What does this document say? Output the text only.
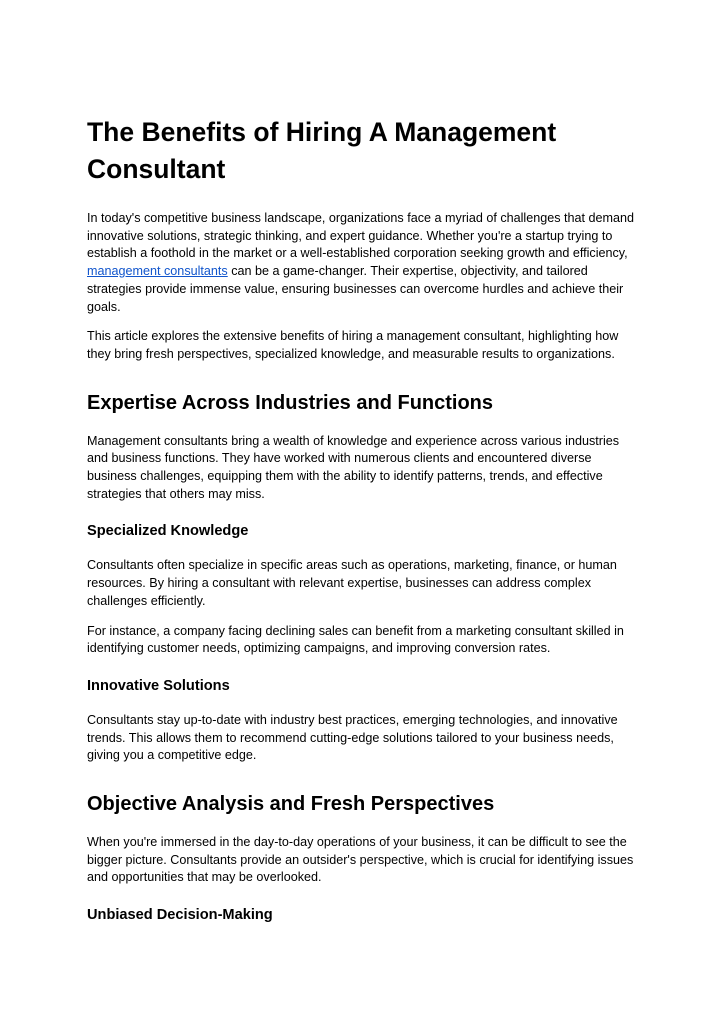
The Benefits of Hiring A Management Consultant

In today's competitive business landscape, organizations face a myriad of challenges that demand innovative solutions, strategic thinking, and expert guidance. Whether you're a startup trying to establish a foothold in the market or a well-established corporation seeking growth and efficiency, management consultants can be a game-changer. Their expertise, objectivity, and tailored strategies provide immense value, ensuring businesses can overcome hurdles and achieve their goals.

This article explores the extensive benefits of hiring a management consultant, highlighting how they bring fresh perspectives, specialized knowledge, and measurable results to organizations.

Expertise Across Industries and Functions

Management consultants bring a wealth of knowledge and experience across various industries and business functions. They have worked with numerous clients and encountered diverse business challenges, equipping them with the ability to identify patterns, trends, and effective strategies that others may miss.

Specialized Knowledge

Consultants often specialize in specific areas such as operations, marketing, finance, or human resources. By hiring a consultant with relevant expertise, businesses can address complex challenges efficiently.

For instance, a company facing declining sales can benefit from a marketing consultant skilled in identifying customer needs, optimizing campaigns, and improving conversion rates.

Innovative Solutions

Consultants stay up-to-date with industry best practices, emerging technologies, and innovative trends. This allows them to recommend cutting-edge solutions tailored to your business needs, giving you a competitive edge.

Objective Analysis and Fresh Perspectives

When you're immersed in the day-to-day operations of your business, it can be difficult to see the bigger picture. Consultants provide an outsider's perspective, which is crucial for identifying issues and opportunities that may be overlooked.

Unbiased Decision-Making
